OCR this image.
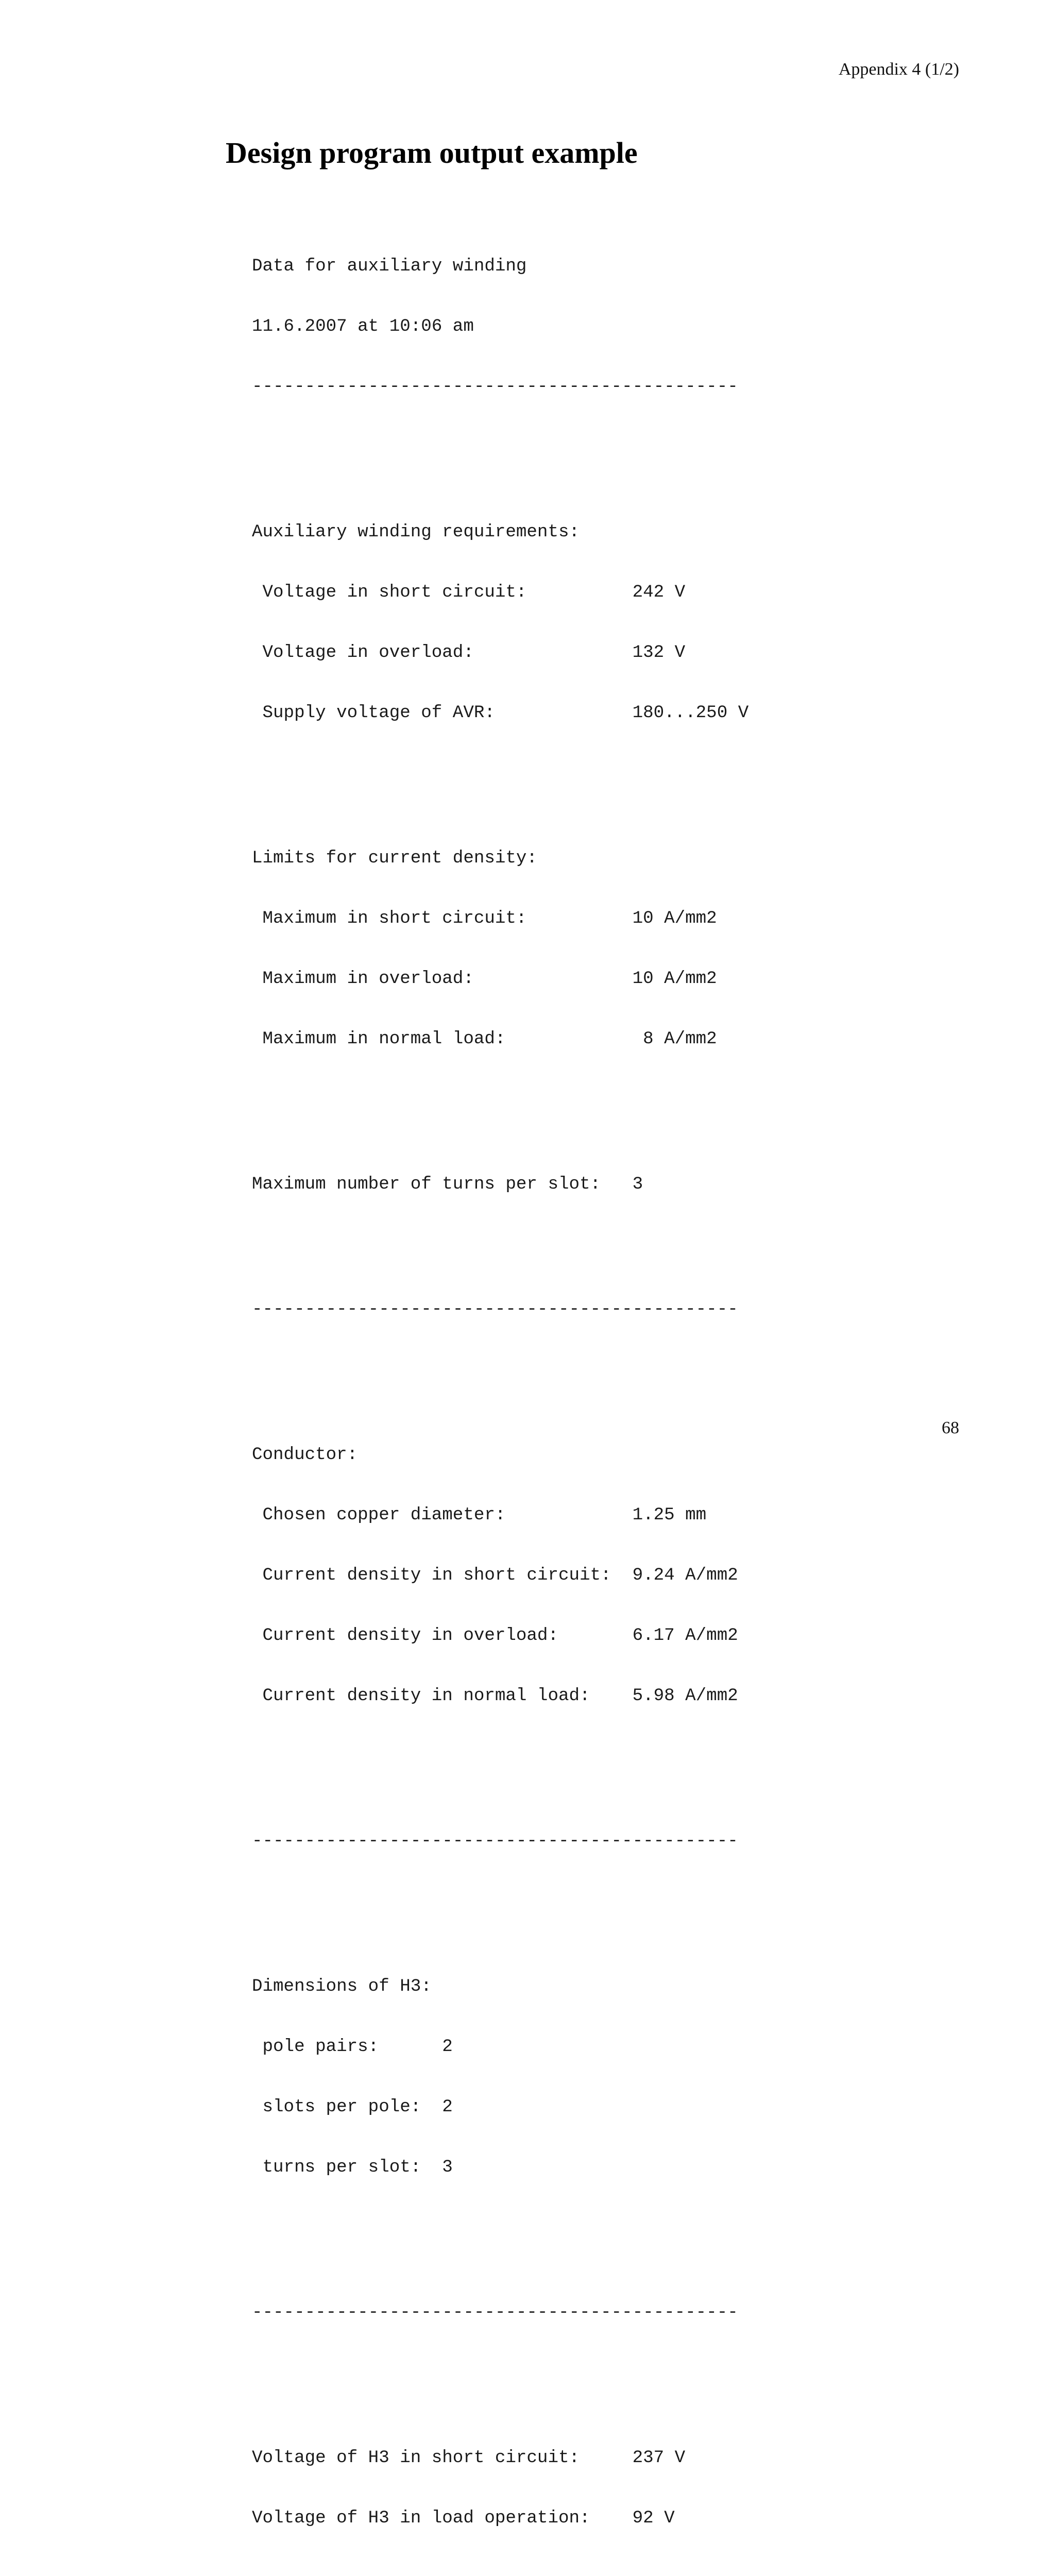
Appendix 4 (1/2)
Design program output example

Data for auxiliary winding

11.6.2007 at 10:06 am

----------------------------------------------

Auxiliary winding requirements:

Voltage in short circuit:          242 V

Voltage in overload:               132 V

Supply voltage of AVR:             180...250 V

Limits for current density:

Maximum in short circuit:          10 A/mm2

Maximum in overload:               10 A/mm2

Maximum in normal load:             8 A/mm2

Maximum number of turns per slot:   3

----------------------------------------------

Conductor:

Chosen copper diameter:            1.25 mm

Current density in short circuit:  9.24 A/mm2

Current density in overload:       6.17 A/mm2

Current density in normal load:    5.98 A/mm2

----------------------------------------------

Dimensions of H3:

pole pairs:      2

slots per pole:  2

turns per slot:  3

----------------------------------------------

Voltage of H3 in short circuit:     237 V

Voltage of H3 in load operation:    92 V

68
